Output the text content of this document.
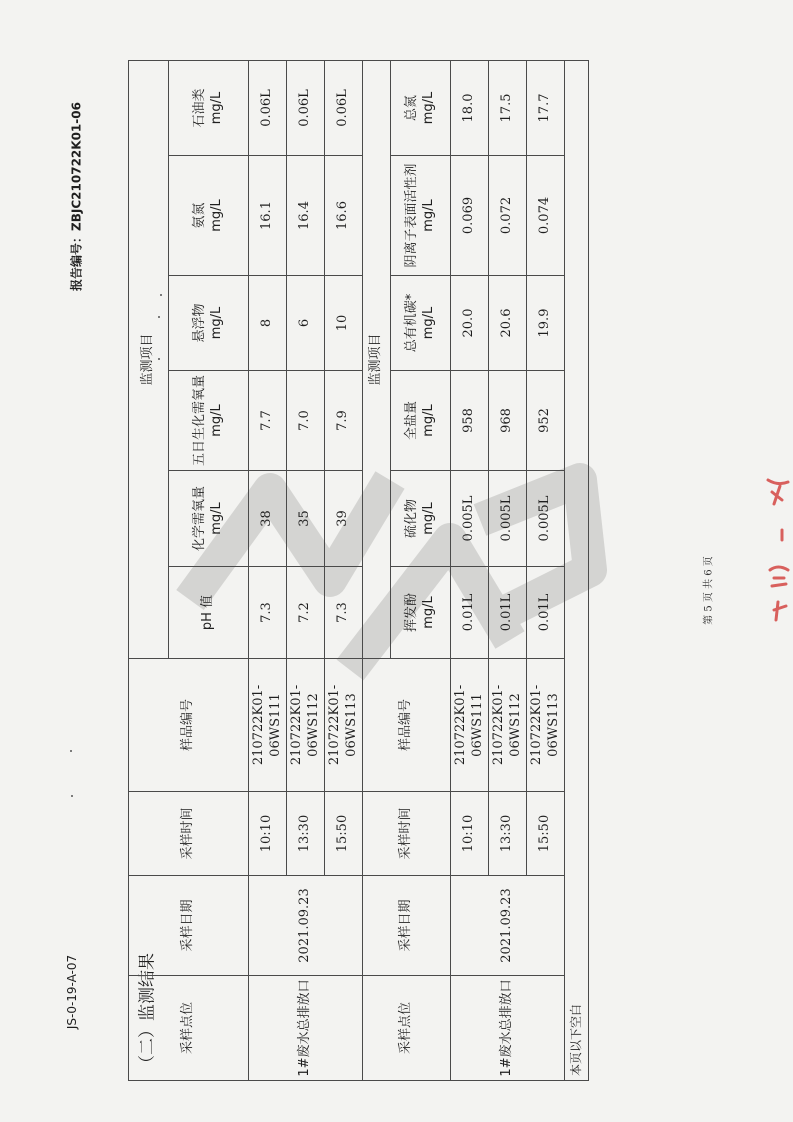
JS-0-19-A-07
报告编号：ZBJC210722K01-06
（二）监测结果 采样点位	采样日期	采样时间	样品编号	监测项目					
				pH 值	化学需氧量 mg/L	五日生化需氧量 mg/L	悬浮物 mg/L	氨氮 mg/L	石油类 mg/L

1#废水总排放口	2021.09.23	10:10	210722K01-06WS111	7.3	38	7.7	8	16.1	0.06L
		13:30	210722K01-06WS112	7.2	35	7.0	6	16.4	0.06L
		15:50	210722K01-06WS113	7.3	39	7.9	10	16.6	0.06L
采样点位	采样日期	采样时间	样品编号	监测项目					
				挥发酚 mg/L	硫化物 mg/L	全盐量 mg/L	总有机碳* mg/L	阴离子表面活性剂 mg/L	总氮 mg/L

1#废水总排放口	2021.09.23	10:10	210722K01-06WS111	0.01L	0.005L	958	20.0	0.069	18.0
		13:30	210722K01-06WS112	0.01L	0.005L	968	20.6	0.072	17.5
		15:50	210722K01-06WS113	0.01L	0.005L	952	19.9	0.074	17.7
本页以下空白									
第 5 页 共 6 页
